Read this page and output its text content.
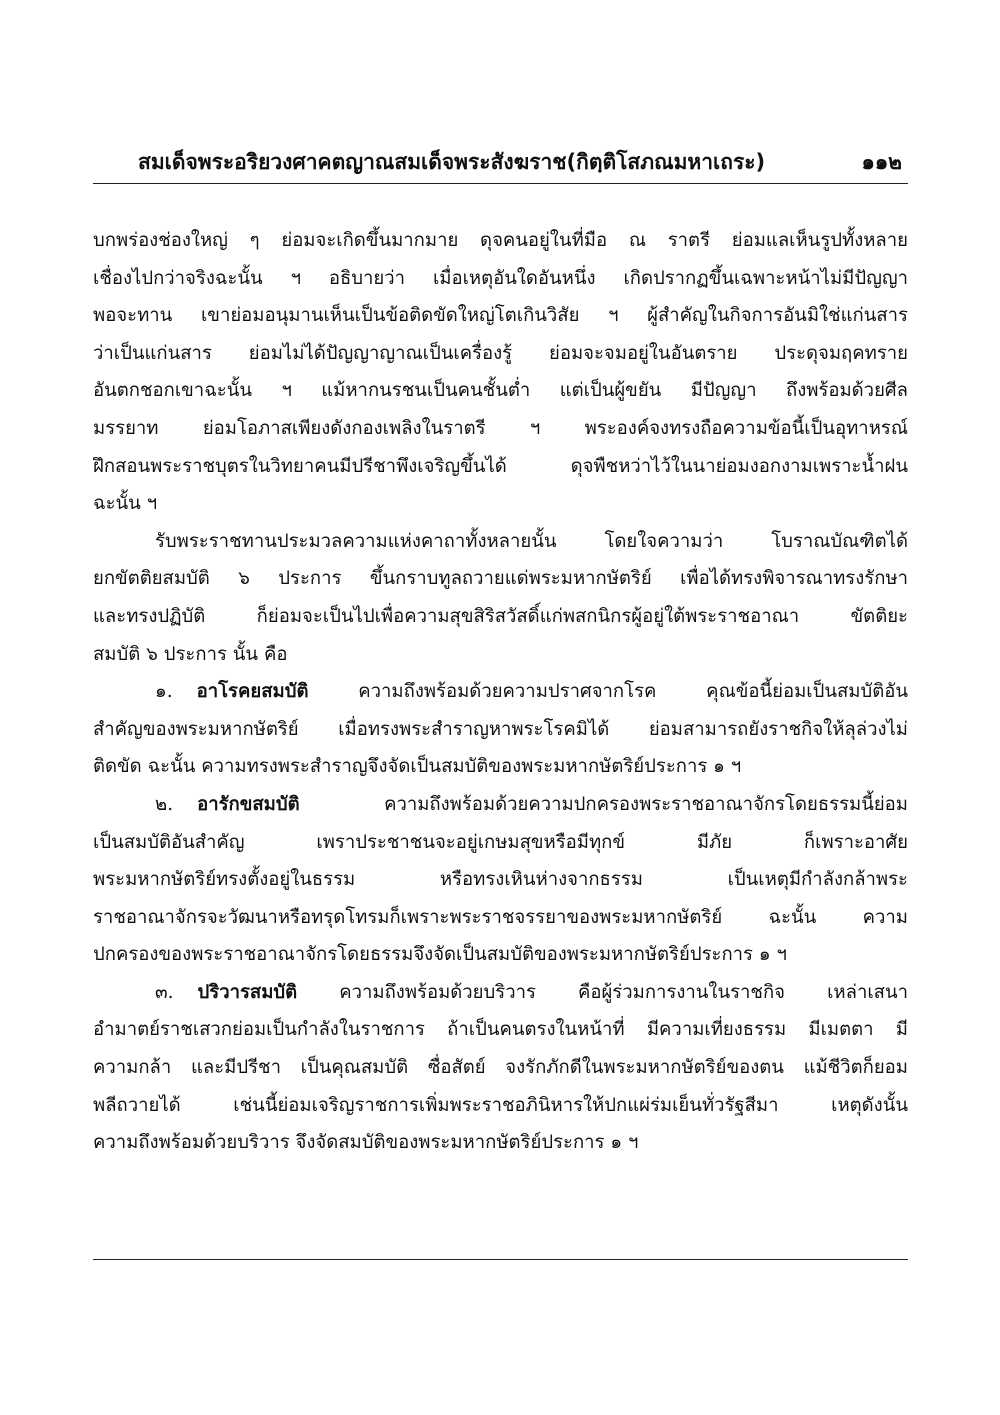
สมเด็จพระอริยวงศาคตญาณสมเด็จพระสังฆราช(กิตฺติโสภณมหาเถระ)	๑๑๒
บกพร่องช่องใหญ่ ๆ ย่อมจะเกิดขึ้นมากมาย ดุจคนอยู่ในที่มือ ณ ราตรี ย่อมแลเห็นรูปทั้งหลาย
เชื่องไปกว่าจริงฉะนั้น ฯ อธิบายว่า เมื่อเหตุอันใดอันหนึ่ง เกิดปรากฏขึ้นเฉพาะหน้าไม่มีปัญญา
พอจะทาน เขาย่อมอนุมานเห็นเป็นข้อติดขัดใหญ่โตเกินวิสัย ฯ ผู้สำคัญในกิจการอันมิใช่แก่นสาร
ว่าเป็นแก่นสาร ย่อมไม่ได้ปัญญาญาณเป็นเครื่องรู้ ย่อมจะจมอยู่ในอันตราย ประดุจมฤคทราย
อันตกชอกเขาฉะนั้น ฯ แม้หากนรชนเป็นคนชั้นต่ำ แต่เป็นผู้ขยัน มีปัญญา ถึงพร้อมด้วยศีล
มรรยาท ย่อมโอภาสเพียงดังกองเพลิงในราตรี ฯ พระองค์จงทรงถือความข้อนี้เป็นอุทาหรณ์
ฝึกสอนพระราชบุตรในวิทยาคนมีปรีชาพึงเจริญขึ้นได้ ดุจพืชหว่าไว้ในนาย่อมงอกงามเพราะน้ำฝน
ฉะนั้น ฯ
รับพระราชทานประมวลความแห่งคาถาทั้งหลายนั้น โดยใจความว่า โบราณบัณฑิตได้
ยกขัตติยสมบัติ ๖ ประการ ขึ้นกราบทูลถวายแด่พระมหากษัตริย์ เพื่อได้ทรงพิจารณาทรงรักษา
และทรงปฏิบัติ ก็ย่อมจะเป็นไปเพื่อความสุขสิริสวัสดิ์แก่พสกนิกรผู้อยู่ใต้พระราชอาณา ขัตติยะ
สมบัติ ๖ ประการ นั้น คือ
๑. อาโรคยสมบัติ	ความถึงพร้อมด้วยความปราศจากโรค คุณข้อนี้ย่อมเป็นสมบัติอัน
สำคัญของพระมหากษัตริย์ เมื่อทรงพระสำราญหาพระโรคมิได้ ย่อมสามารถยังราชกิจให้ลุล่วงไม่
ติดขัด ฉะนั้น ความทรงพระสำราญจึงจัดเป็นสมบัติของพระมหากษัตริย์ประการ ๑ ฯ
๒. อารักขสมบัติ	ความถึงพร้อมด้วยความปกครองพระราชอาณาจักรโดยธรรมนี้ย่อม
เป็นสมบัติอันสำคัญ เพราประชาชนจะอยู่เกษมสุขหรือมีทุกข์ มีภัย ก็เพราะอาศัย
พระมหากษัตริย์ทรงตั้งอยู่ในธรรม หรือทรงเหินห่างจากธรรม เป็นเหตุมีกำลังกล้าพระ
ราชอาณาจักรจะวัฒนาหรือทรุดโทรมก็เพราะพระราชจรรยาของพระมหากษัตริย์ ฉะนั้น ความ
ปกครองของพระราชอาณาจักรโดยธรรมจึงจัดเป็นสมบัติของพระมหากษัตริย์ประการ ๑ ฯ
๓. ปริวารสมบัติ ความถึงพร้อมด้วยบริวาร คือผู้ร่วมการงานในราชกิจ เหล่าเสนา
อำมาตย์ราชเสวกย่อมเป็นกำลังในราชการ ถ้าเป็นคนตรงในหน้าที่ มีความเที่ยงธรรม มีเมตตา มี
ความกล้า และมีปรีชา เป็นคุณสมบัติ ซื่อสัตย์ จงรักภักดีในพระมหากษัตริย์ของตน แม้ชีวิตก็ยอม
พลีถวายได้ เช่นนี้ย่อมเจริญราชการเพิ่มพระราชอภินิหารให้ปกแผ่ร่มเย็นทั่วรัฐสีมา เหตุดังนั้น
ความถึงพร้อมด้วยบริวาร จึงจัดสมบัติของพระมหากษัตริย์ประการ ๑ ฯ
